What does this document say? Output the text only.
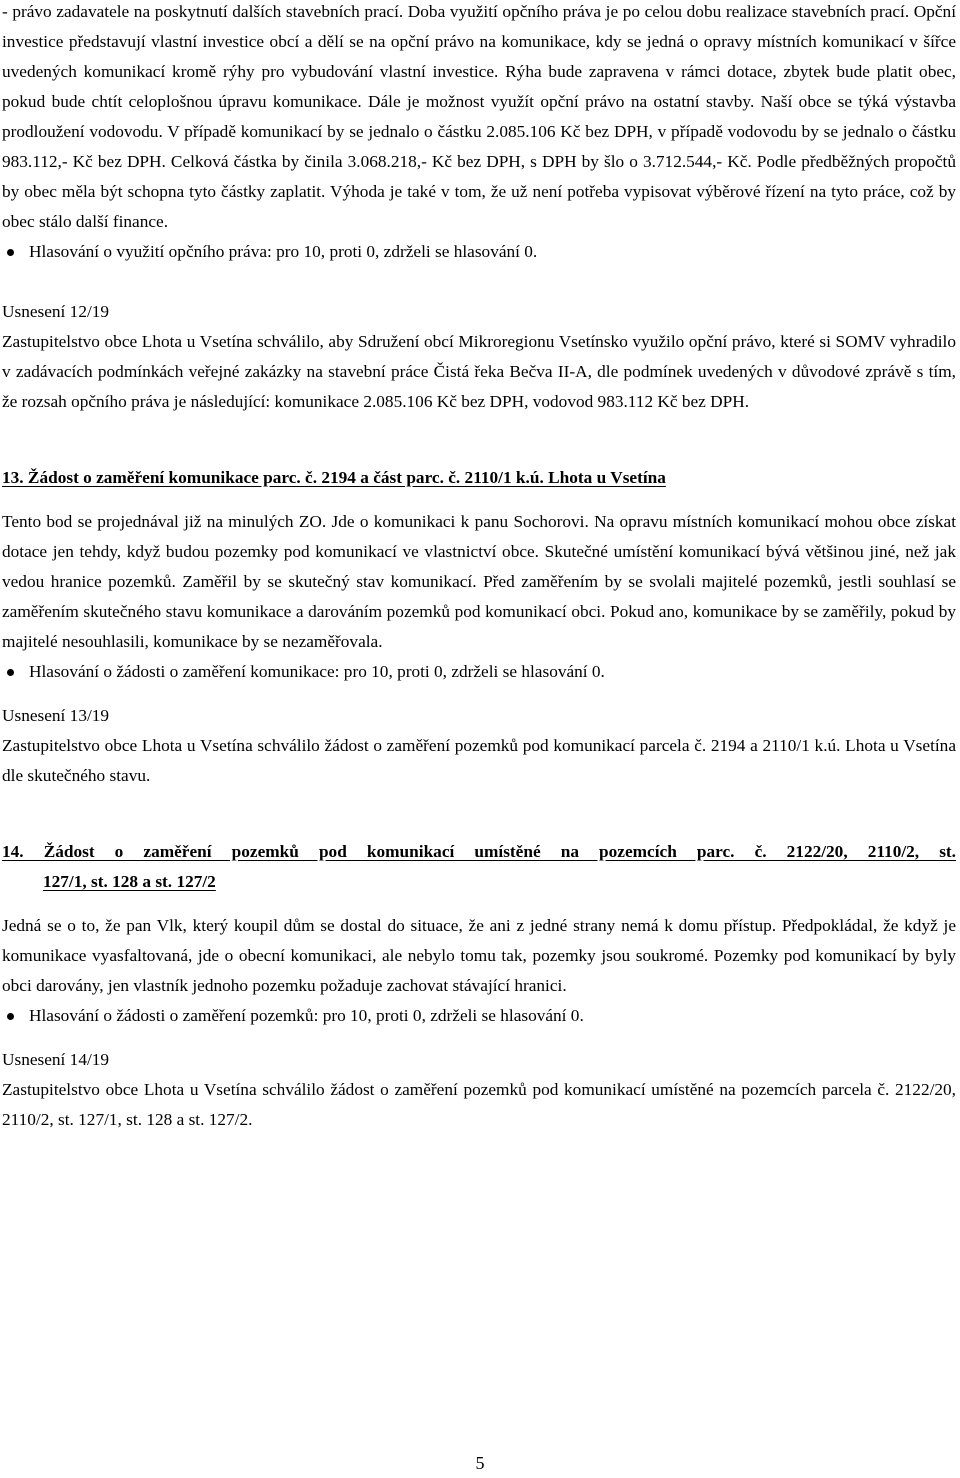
- právo zadavatele na poskytnutí dalších stavebních prací. Doba využití opčního práva je po celou dobu realizace stavebních prací. Opční investice představují vlastní investice obcí a dělí se na opční právo na komunikace, kdy se jedná o opravy místních komunikací v šířce uvedených komunikací kromě rýhy pro vybudování vlastní investice. Rýha bude zapravena v rámci dotace, zbytek bude platit obec, pokud bude chtít celoplošnou úpravu komunikace. Dále je možnost využít opční právo na ostatní stavby. Naší obce se týká výstavba prodloužení vodovodu. V případě komunikací by se jednalo o částku 2.085.106 Kč bez DPH, v případě vodovodu by se jednalo o částku 983.112,- Kč bez DPH. Celková částka by činila 3.068.218,- Kč bez DPH, s DPH by šlo o 3.712.544,- Kč. Podle předběžných propočtů by obec měla být schopna tyto částky zaplatit. Výhoda je také v tom, že už není potřeba vypisovat výběrové řízení na tyto práce, což by obec stálo další finance.

Hlasování o využití opčního práva: pro 10, proti 0, zdrželi se hlasování 0.

Usnesení 12/19

Zastupitelstvo obce Lhota u Vsetína schválilo, aby Sdružení obcí Mikroregionu Vsetínsko využilo opční právo, které si SOMV vyhradilo v zadávacích podmínkách veřejné zakázky na stavební práce Čistá řeka Bečva II-A, dle podmínek uvedených v důvodové zprávě s tím, že rozsah opčního práva je následující: komunikace 2.085.106 Kč bez DPH, vodovod 983.112 Kč bez DPH.

13. Žádost o zaměření komunikace parc. č. 2194 a část parc. č. 2110/1 k.ú. Lhota u Vsetína

Tento bod se projednával již na minulých ZO. Jde o komunikaci k panu Sochorovi. Na opravu místních komunikací mohou obce získat dotace jen tehdy, když budou pozemky pod komunikací ve vlastnictví obce. Skutečné umístění komunikací bývá většinou jiné, než jak vedou hranice pozemků. Zaměřil by se skutečný stav komunikací. Před zaměřením by se svolali majitelé pozemků, jestli souhlasí se zaměřením skutečného stavu komunikace a darováním pozemků pod komunikací obci. Pokud ano, komunikace by se zaměřily, pokud by majitelé nesouhlasili, komunikace by se nezaměřovala.

Hlasování o žádosti o zaměření komunikace: pro 10, proti 0, zdrželi se hlasování 0.

Usnesení 13/19

Zastupitelstvo obce Lhota u Vsetína schválilo žádost o zaměření pozemků pod komunikací parcela č. 2194 a 2110/1 k.ú. Lhota u Vsetína dle skutečného stavu.

14. Žádost o zaměření pozemků pod komunikací umístěné na pozemcích parc. č. 2122/20, 2110/2, st.
127/1, st. 128 a st. 127/2

Jedná se o to, že pan Vlk, který koupil dům se dostal do situace, že ani z jedné strany nemá k domu přístup. Předpokládal, že když je komunikace vyasfaltovaná, jde o obecní komunikaci, ale nebylo tomu tak, pozemky jsou soukromé. Pozemky pod komunikací by byly obci darovány, jen vlastník jednoho pozemku požaduje zachovat stávající hranici.

Hlasování o žádosti o zaměření pozemků: pro 10, proti 0, zdrželi se hlasování 0.

Usnesení 14/19

Zastupitelstvo obce Lhota u Vsetína schválilo žádost o zaměření pozemků pod komunikací umístěné na pozemcích parcela č. 2122/20, 2110/2, st. 127/1, st. 128 a st. 127/2.

5
